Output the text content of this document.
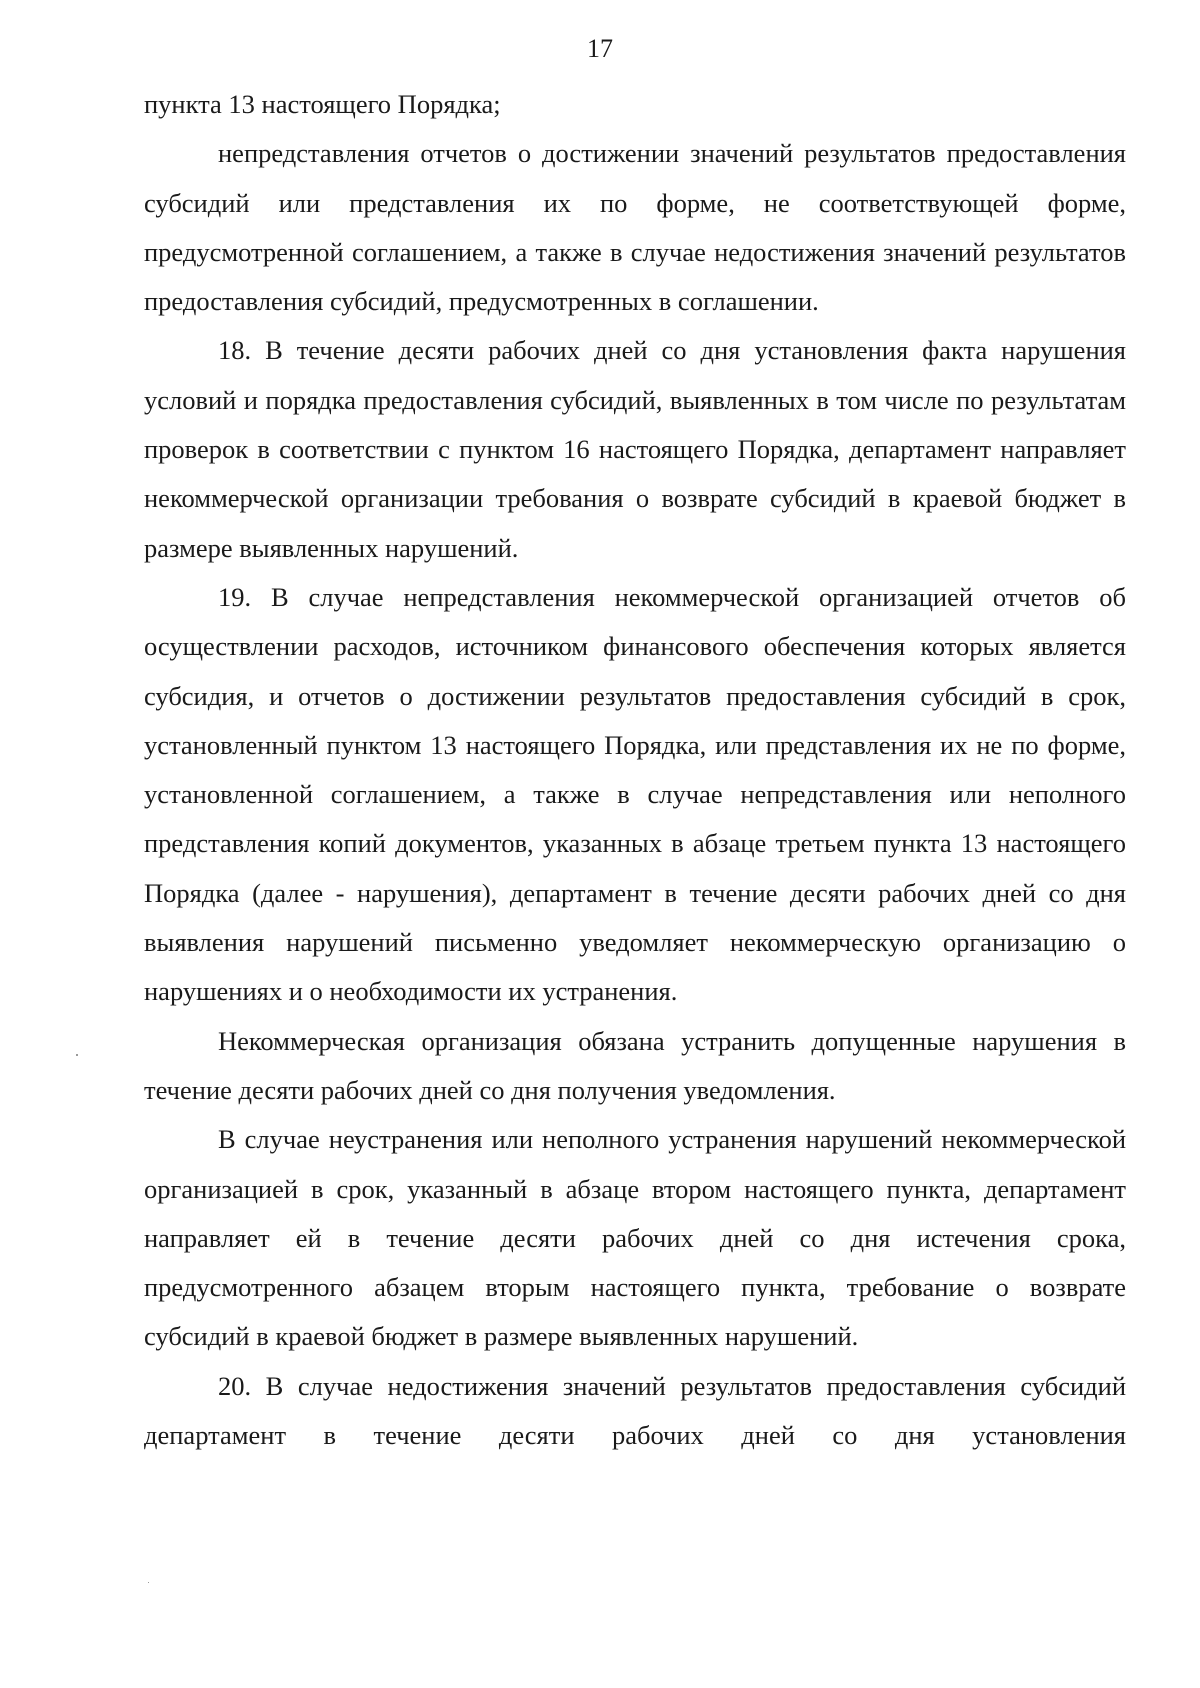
17

пункта 13 настоящего Порядка;

непредставления отчетов о достижении значений результатов предоставления субсидий или представления их по форме, не соответствующей форме, предусмотренной соглашением, а также в случае недостижения значений результатов предоставления субсидий, предусмотренных в соглашении.

18. В течение десяти рабочих дней со дня установления факта нарушения условий и порядка предоставления субсидий, выявленных в том числе по результатам проверок в соответствии с пунктом 16 настоящего Порядка, департамент направляет некоммерческой организации требования о возврате субсидий в краевой бюджет в размере выявленных нарушений.

19. В случае непредставления некоммерческой организацией отчетов об осуществлении расходов, источником финансового обеспечения которых является субсидия, и отчетов о достижении результатов предоставления субсидий в срок, установленный пунктом 13 настоящего Порядка, или представления их не по форме, установленной соглашением, а также в случае непредставления или неполного представления копий документов, указанных в абзаце третьем пункта 13 настоящего Порядка (далее - нарушения), департамент в течение десяти рабочих дней со дня выявления нарушений письменно уведомляет некоммерческую организацию о нарушениях и о необходимости их устранения.

Некоммерческая организация обязана устранить допущенные нарушения в течение десяти рабочих дней со дня получения уведомления.

В случае неустранения или неполного устранения нарушений некоммерческой организацией в срок, указанный в абзаце втором настоящего пункта, департамент направляет ей в течение десяти рабочих дней со дня истечения срока, предусмотренного абзацем вторым настоящего пункта, требование о возврате субсидий в краевой бюджет в размере выявленных нарушений.

20. В случае недостижения значений результатов предоставления субсидий департамент в течение десяти рабочих дней со дня установления
